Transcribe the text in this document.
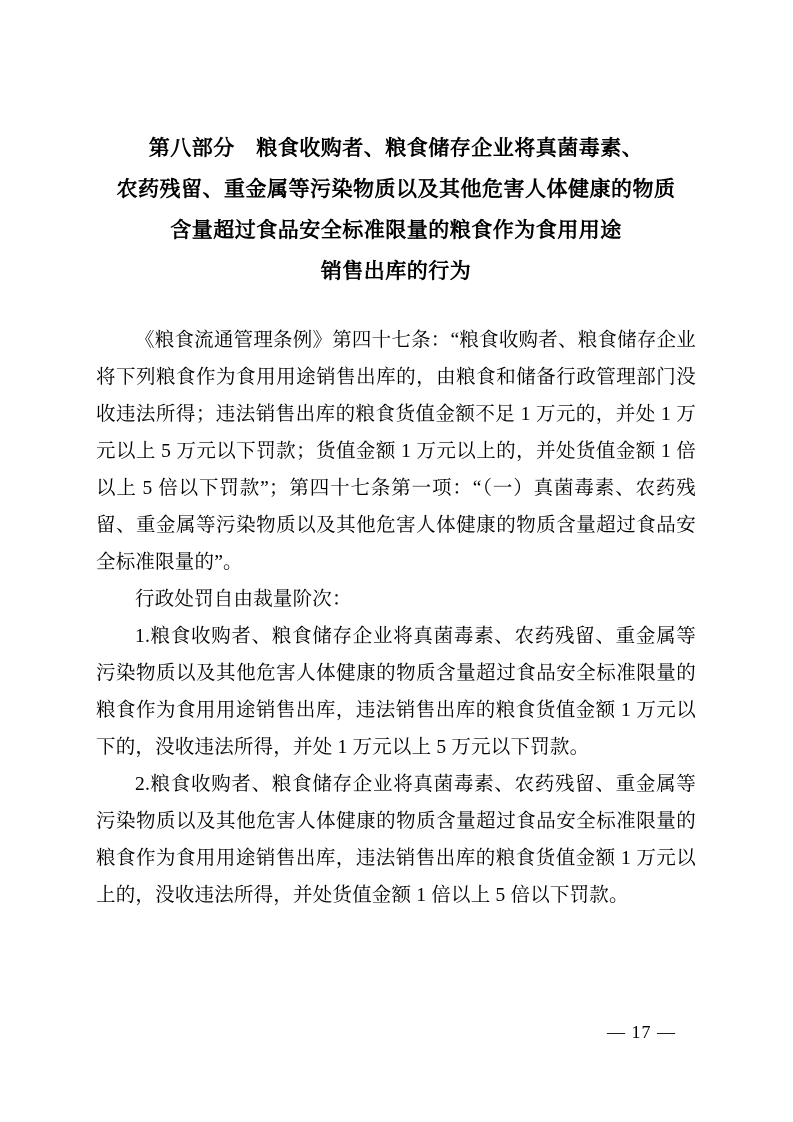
第八部分　粮食收购者、粮食储存企业将真菌毒素、
农药残留、重金属等污染物质以及其他危害人体健康的物质
含量超过食品安全标准限量的粮食作为食用用途
销售出库的行为

《粮食流通管理条例》第四十七条：“粮食收购者、粮食储存企业将下列粮食作为食用用途销售出库的，由粮食和储备行政管理部门没收违法所得；违法销售出库的粮食货值金额不足 1 万元的，并处 1 万元以上 5 万元以下罚款；货值金额 1 万元以上的，并处货值金额 1 倍以上 5 倍以下罚款”；第四十七条第一项：“（一）真菌毒素、农药残留、重金属等污染物质以及其他危害人体健康的物质含量超过食品安全标准限量的”。

行政处罚自由裁量阶次：

1.粮食收购者、粮食储存企业将真菌毒素、农药残留、重金属等污染物质以及其他危害人体健康的物质含量超过食品安全标准限量的粮食作为食用用途销售出库，违法销售出库的粮食货值金额 1 万元以下的，没收违法所得，并处 1 万元以上 5 万元以下罚款。

2.粮食收购者、粮食储存企业将真菌毒素、农药残留、重金属等污染物质以及其他危害人体健康的物质含量超过食品安全标准限量的粮食作为食用用途销售出库，违法销售出库的粮食货值金额 1 万元以上的，没收违法所得，并处货值金额 1 倍以上 5 倍以下罚款。

— 17 —
